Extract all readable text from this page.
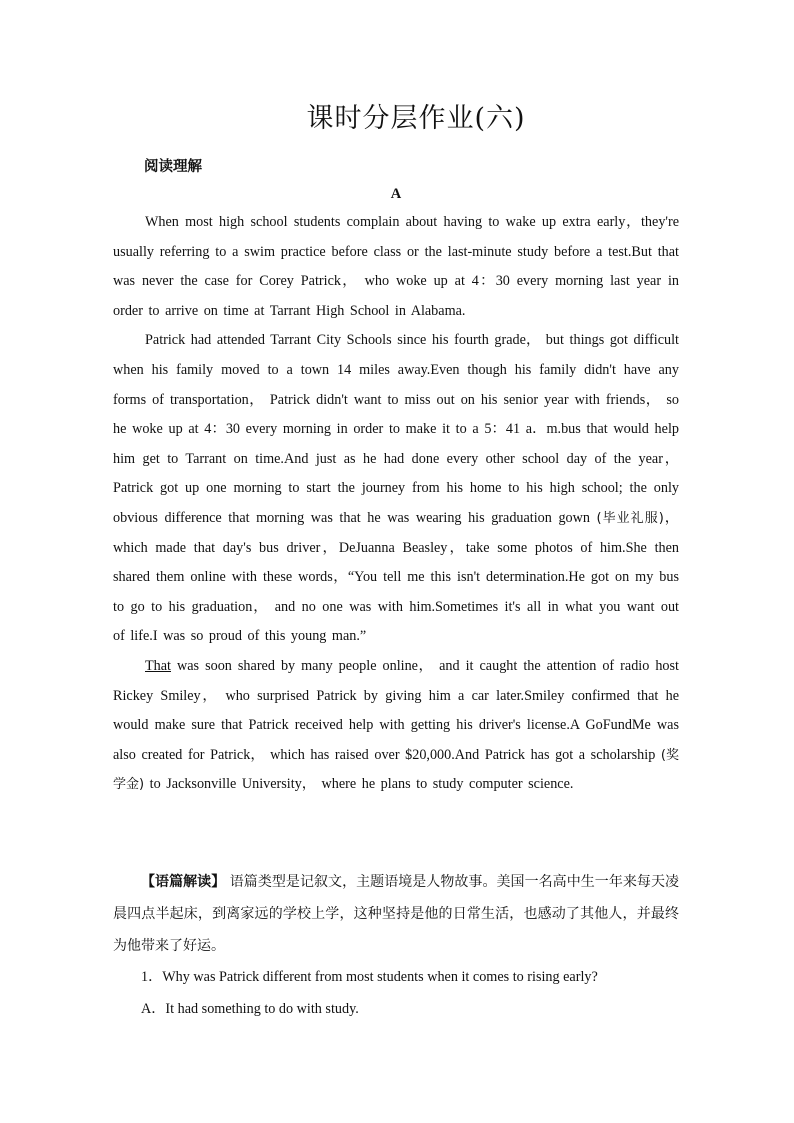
课时分层作业(六)
阅读理解
A

When most high school students complain about having to wake up extra early，they're usually referring to a swim practice before class or the last-minute study before a test.But that was never the case for Corey Patrick， who woke up at 4：30 every morning last year in order to arrive on time at Tarrant High School in Alabama.

Patrick had attended Tarrant City Schools since his fourth grade， but things got difficult when his family moved to a town 14 miles away.Even though his family didn't have any forms of transportation， Patrick didn't want to miss out on his senior year with friends， so he woke up at 4：30 every morning in order to make it to a 5：41 a．m.bus that would help him get to Tarrant on time.And just as he had done every other school day of the year，Patrick got up one morning to start the journey from his home to his high school; the only obvious difference that morning was that he was wearing his graduation gown (毕业礼服)，which made that day's bus driver，DeJuanna Beasley，take some photos of him.She then shared them online with these words，“You tell me this isn't determination.He got on my bus to go to his graduation， and no one was with him.Sometimes it's all in what you want out of life.I was so proud of this young man.”

That was soon shared by many people online， and it caught the attention of radio host Rickey Smiley， who surprised Patrick by giving him a car later.Smiley confirmed that he would make sure that Patrick received help with getting his driver's license.A GoFundMe was also created for Patrick， which has raised over $20,000.And Patrick has got a scholarship (奖学金) to Jacksonville University， where he plans to study computer science.

【语篇解读】 语篇类型是记叙文，主题语境是人物故事。美国一名高中生一年来每天凌晨四点半起床，到离家远的学校上学，这种坚持是他的日常生活，也感动了其他人，并最终为他带来了好运。

1．Why was Patrick different from most students when it comes to rising early?

A．It had something to do with study.
